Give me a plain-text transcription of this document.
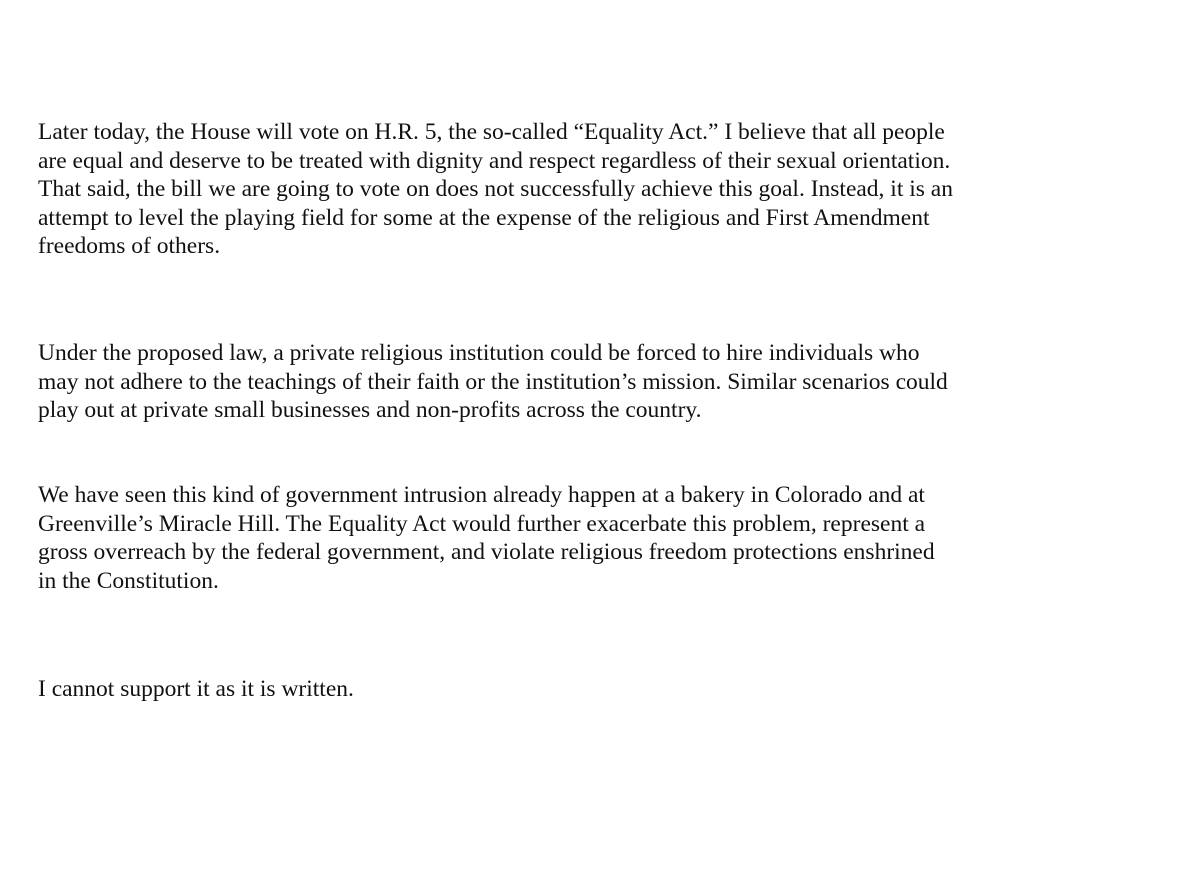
Later today, the House will vote on H.R. 5, the so-called “Equality Act.” I believe that all people
are equal and deserve to be treated with dignity and respect regardless of their sexual orientation.
That said, the bill we are going to vote on does not successfully achieve this goal. Instead, it is an
attempt to level the playing field for some at the expense of the religious and First Amendment
freedoms of others.

Under the proposed law, a private religious institution could be forced to hire individuals who
may not adhere to the teachings of their faith or the institution’s mission. Similar scenarios could
play out at private small businesses and non-profits across the country.

We have seen this kind of government intrusion already happen at a bakery in Colorado and at
Greenville’s Miracle Hill. The Equality Act would further exacerbate this problem, represent a
gross overreach by the federal government, and violate religious freedom protections enshrined
in the Constitution.

I cannot support it as it is written.
